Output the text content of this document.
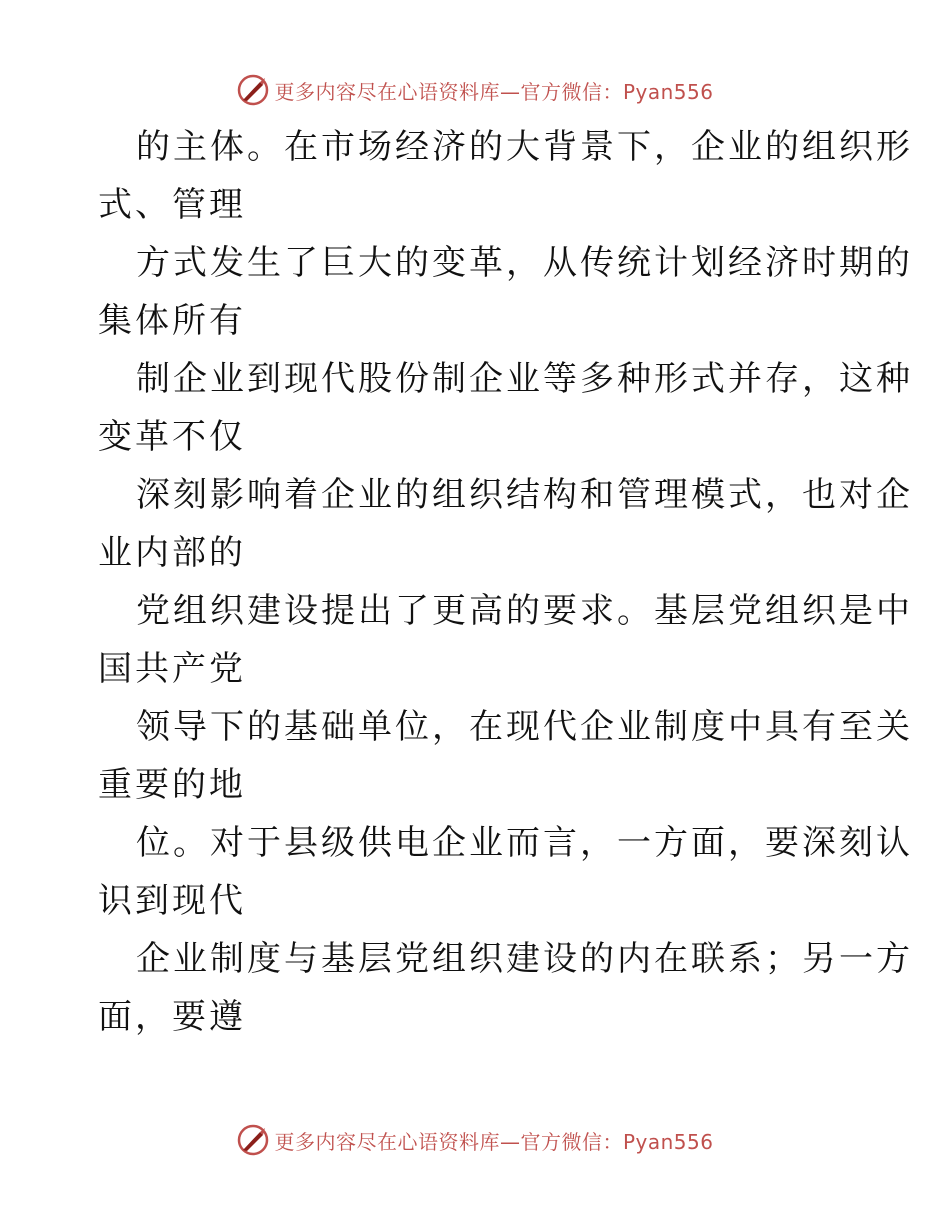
更多内容尽在心语资料库—官方微信：Pyan556

的主体。在市场经济的大背景下，企业的组织形
式、管理

方式发生了巨大的变革，从传统计划经济时期的
集体所有

制企业到现代股份制企业等多种形式并存，这种
变革不仅

深刻影响着企业的组织结构和管理模式，也对企
业内部的

党组织建设提出了更高的要求。基层党组织是中
国共产党

领导下的基础单位，在现代企业制度中具有至关
重要的地

位。对于县级供电企业而言，一方面，要深刻认
识到现代

企业制度与基层党组织建设的内在联系；另一方
面，要遵

更多内容尽在心语资料库—官方微信：Pyan556
